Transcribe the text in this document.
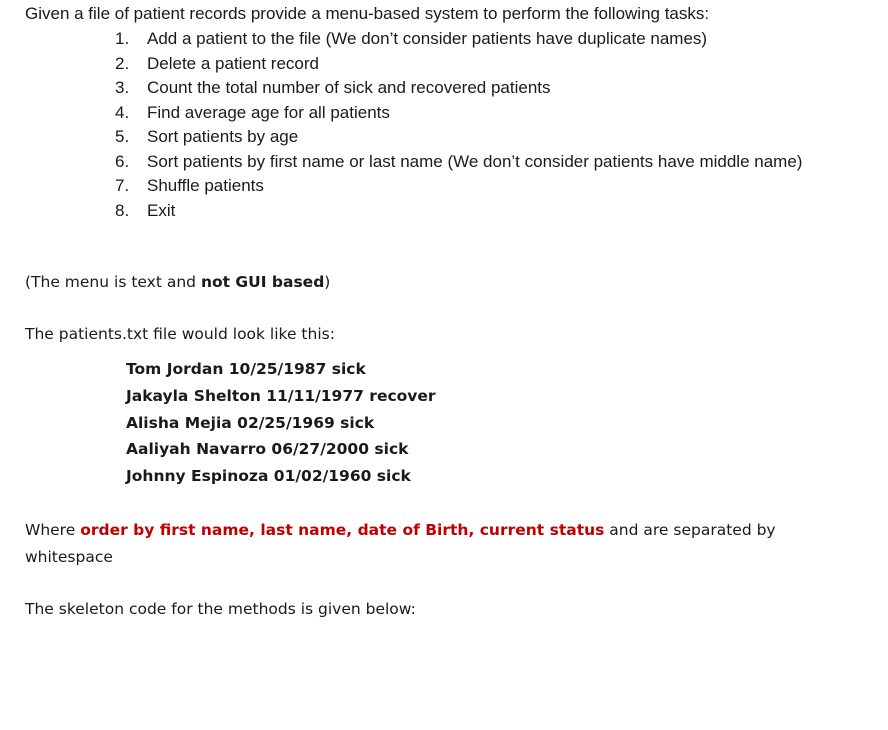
Given a file of patient records provide a menu-based system to perform the following tasks:
1.	Add a patient to the file (We don’t consider patients have duplicate names)
2.	Delete a patient record
3.	Count the total number of sick and recovered patients
4.	Find average age for all patients
5.	Sort patients by age
6.	Sort patients by first name or last name (We don’t consider patients have middle name)
7.	Shuffle patients
8.	Exit
(The menu is text and not GUI based)
The patients.txt file would look like this:
Tom Jordan 10/25/1987 sick
Jakayla Shelton 11/11/1977 recover
Alisha Mejia 02/25/1969 sick
Aaliyah Navarro 06/27/2000 sick
Johnny Espinoza 01/02/1960 sick
Where order by first name, last name, date of Birth, current status and are separated by whitespace
The skeleton code for the methods is given below:
